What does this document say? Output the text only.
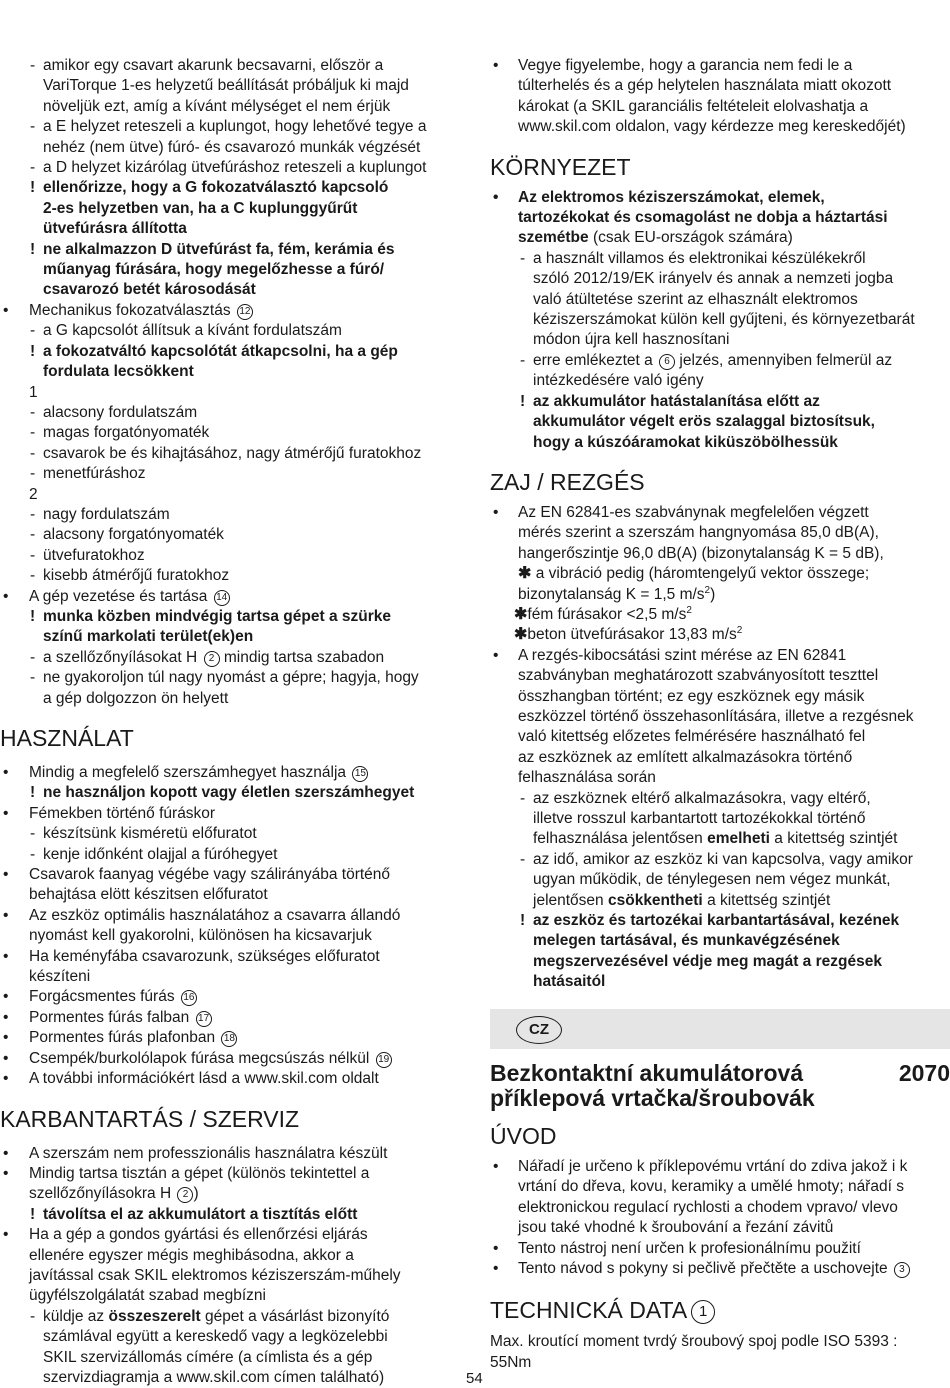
- amikor egy csavart akarunk becsavarni, először a
VariTorque 1-es helyzetű beállítását próbáljuk ki majd
növeljük ezt, amíg a kívánt mélységet el nem érjük
- a E helyzet reteszeli a kuplungot, hogy lehetővé tegye a
nehéz (nem ütve) fúró- és csavarozó munkák végzését
- a D helyzet kizárólag ütvefúráshoz reteszeli a kuplungot
! ellenőrizze, hogy a G fokozatválasztó kapcsoló
2-es helyzetben van, ha a C kuplunggyűrűt
ütvefúrásra állította
! ne alkalmazzon D ütvefúrást fa, fém, kerámia és
műanyag fúrására, hogy megelőzhesse a fúró/
csavarozó betét károsodását
• Mechanikus fokozatválasztás 12
- a G kapcsolót állítsuk a kívánt fordulatszám
! a fokozatváltó kapcsolótát átkapcsolni, ha a gép
fordulata lecsökkent
1
- alacsony fordulatszám
- magas forgatónyomaték
- csavarok be és kihajtásához, nagy átmérőjű furatokhoz
- menetfúráshoz
2
- nagy fordulatszám
- alacsony forgatónyomaték
- ütvefuratokhoz
- kisebb átmérőjű furatokhoz
• A gép vezetése és tartása 14
! munka közben mindvégig tartsa gépet a szürke
színű markolati terület(ek)en
- a szellőzőnyílásokat H 2 mindig tartsa szabadon
- ne gyakoroljon túl nagy nyomást a gépre; hagyja, hogy
a gép dolgozzon ön helyett
HASZNÁLAT
• Mindig a megfelelő szerszámhegyet használja 15
! ne használjon kopott vagy életlen szerszámhegyet
• Fémekben történő fúráskor
- készítsünk kisméretü előfuratot
- kenje időnként olajjal a fúróhegyet
• Csavarok faanyag végébe vagy szálirányába történő
behajtása elött készitsen előfuratot
• Az eszköz optimális használatához a csavarra állandó
nyomást kell gyakorolni, különösen ha kicsavarjuk
• Ha keményfába csavarozunk, szükséges előfuratot
készíteni
• Forgácsmentes fúrás 16
• Pormentes fúrás falban 17
• Pormentes fúrás plafonban 18
• Csempék/burkolólapok fúrása megcsúszás nélkül 19
• A további információkért lásd a www.skil.com oldalt
KARBANTARTÁS / SZERVIZ
• A szerszám nem professzionális használatra készült
• Mindig tartsa tisztán a gépet (különös tekintettel a
szellőzőnyílásokra H 2 )
! távolítsa el az akkumulátort a tisztítás előtt
• Ha a gép a gondos gyártási és ellenőrzési eljárás
ellenére egyszer mégis meghibásodna, akkor a
javítással csak SKIL elektromos kéziszerszám-műhely
ügyfélszolgálatát szabad megbízni
- küldje az összeszerelt gépet a vásárlást bizonyító
számlával együtt a kereskedő vagy a legközelebbi
SKIL szervizállomás címére (a címlista és a gép
szervizdiagramja a www.skil.com címen található)
• Vegye figyelembe, hogy a garancia nem fedi le a
túlterhelés és a gép helytelen használata miatt okozott
károkat (a SKIL garanciális feltételeit elolvashatja a
www.skil.com oldalon, vagy kérdezze meg kereskedőjét)
KÖRNYEZET
• Az elektromos kéziszerszámokat, elemek,
tartozékokat és csomagolást ne dobja a háztartási
szemétbe (csak EU-országok számára)
- a használt villamos és elektronikai készülékekről
szóló 2012/19/EK irányelv és annak a nemzeti jogba
való átültetése szerint az elhasznált elektromos
kéziszerszámokat külön kell gyűjteni, és környezetbarát
módon újra kell hasznosítani
- erre emlékeztet a 6 jelzés, amennyiben felmerül az
intézkedésére való igény
! az akkumulátor hatástalanítása előtt az
akkumulátor végelt erös szalaggal biztosítsuk,
hogy a kúszóáramokat kiküszöbölhessük
ZAJ / REZGÉS
• Az EN 62841-es szabványnak megfelelően végzett
mérés szerint a szerszám hangnyomása 85,0 dB(A),
hangerőszintje 96,0 dB(A) (bizonytalanság K = 5 dB),
✱ a vibráció pedig (háromtengelyű vektor összege;
bizonytalanság K = 1,5 $m/s^2$)
✱fém fúrásakor <2,5 $m/s^2$
✱beton ütvefúrásakor 13,83 $m/s^2$
• A rezgés-kibocsátási szint mérése az EN 62841
szabványban meghatározott szabványosított teszttel
összhangban történt; ez egy eszköznek egy másik
eszközzel történő összehasonlítására, illetve a rezgésnek
való kitettség előzetes felmérésére használható fel
az eszköznek az említett alkalmazásokra történő
felhasználása során
- az eszköznek eltérő alkalmazásokra, vagy eltérő,
illetve rosszul karbantartott tartozékokkal történő
felhasználása jelentősen emelheti a kitettség szintjét
- az idő, amikor az eszköz ki van kapcsolva, vagy amikor
ugyan működik, de ténylegesen nem végez munkát,
jelentősen csökkentheti a kitettség szintjét
! az eszköz és tartozékai karbantartásával, kezének
melegen tartásával, és munkavégzésének
megszervezésével védje meg magát a rezgések
hatásaitól
CZ
Bezkontaktní akumulátorová
příklepová vrtačka/šroubovák
2070
ÚVOD
• Nářadí je určeno k příklepovému vrtání do zdiva jakož i k
vrtání do dřeva, kovu, keramiky a umělé hmoty; nářadí s
elektronickou regulací rychlosti a chodem vpravo/ vlevo
jsou také vhodné k šroubování a řezání závitů
• Tento nástroj není určen k profesionálnímu použití
• Tento návod s pokyny si pečlivě přečtěte a uschovejte 3
TECHNICKÁ DATA 1
Max. kroutící moment tvrdý šroubový spoj podle ISO 5393 :
55Nm
54
